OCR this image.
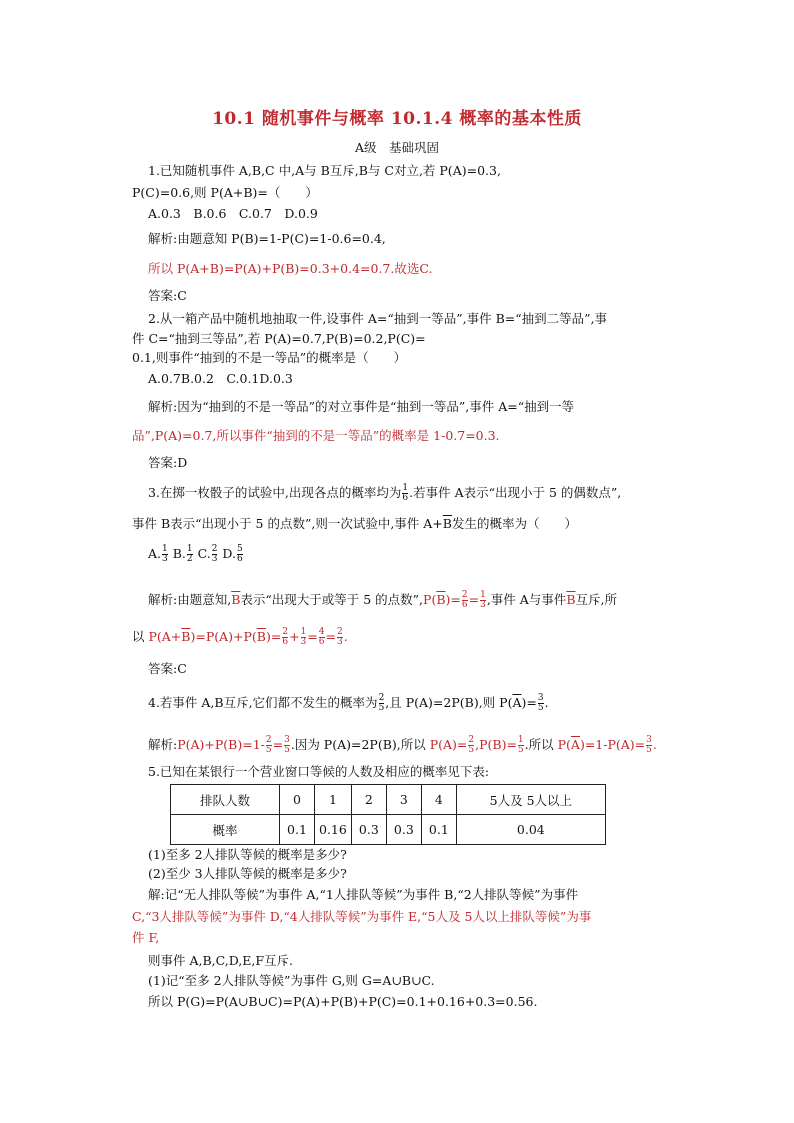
10.1 随机事件与概率 10.1.4 概率的基本性质
A级　基础巩固
1.已知随机事件 A,B,C 中,A与 B互斥,B与 C对立,若 P(A)=0.3,
P(C)=0.6,则 P(A+B)=（　　）
A.0.3　B.0.6　C.0.7　D.0.9
解析:由题意知 P(B)=1-P(C)=1-0.6=0.4,
所以 P(A+B)=P(A)+P(B)=0.3+0.4=0.7.故选C.
答案:C
2.从一箱产品中随机地抽取一件,设事件 A=“抽到一等品”,事件 B=“抽到二等品”,事
件 C=“抽到三等品”,若 P(A)=0.7,P(B)=0.2,P(C)=
0.1,则事件“抽到的不是一等品”的概率是（　　）
A.0.7B.0.2　C.0.1D.0.3
解析:因为“抽到的不是一等品”的对立事件是“抽到一等品”,事件 A=“抽到一等
品”,P(A)=0.7,所以事件“抽到的不是一等品”的概率是 1-0.7=0.3.
答案:D
3.在掷一枚骰子的试验中,出现各点的概率均为 $\frac{1}{6}$ .若事件 A表示“出现小于 5 的偶数点”,
事件 B表示“出现小于 5 的点数”,则一次试验中,事件 $A+\overline{B}$发生的概率为（　　）
A. $\frac{1}{3} B$. $\frac{1}{2} C$. $\frac{2}{3} D$. $\frac{5}{6}$
解析:由题意知$,\overline{B}$表示“出现大于或等于 5 的点数$”,P(\overline{B})= \frac{2}{6} = \frac{1}{3}$ ,事件 A与事件$\overline{B}$互斥,所
以 $P(A+\overline{B})=P(A)+P(\overline{B})= \frac{2}{6} + \frac{1}{3} = \frac{4}{6} = \frac{2}{3}$ .
答案:C
4.若事件 A,B互斥,它们都不发生的概率为 $\frac{2}{5}$ ,且 P(A)=2P(B),则 $P(\overline{A})= \frac{3}{5}$ .
解析:P(A)+P(B)=1- $\frac{2}{5} = \frac{3}{5}$ .因为 P(A)=2P(B),所以 $P(A)= \frac{2}{5} ,P(B)= \frac{1}{5}$ .所以 $P(\overline{A})=1-P(A)= \frac{3}{5}$ .
5.已知在某银行一个营业窗口等候的人数及相应的概率见下表:
排队人数	0	1	2	3	4	5人及 5人以上
概率	0.1	0.16	0.3	0.3	0.1	0.04
(1)至多 2人排队等候的概率是多少?
(2)至少 3人排队等候的概率是多少?
解:记“无人排队等候”为事件 A,“1人排队等候”为事件 B,“2人排队等候”为事件
C,“3人排队等候”为事件 D,“4人排队等候”为事件 E,“5人及 5人以上排队等候”为事
件 F,
则事件 A,B,C,D,E,F互斥.
(1)记“至多 2人排队等候”为事件 G,则 G=A∪B∪C.
所以 P(G)=P(A∪B∪C)=P(A)+P(B)+P(C)=0.1+0.16+0.3=0.56.
